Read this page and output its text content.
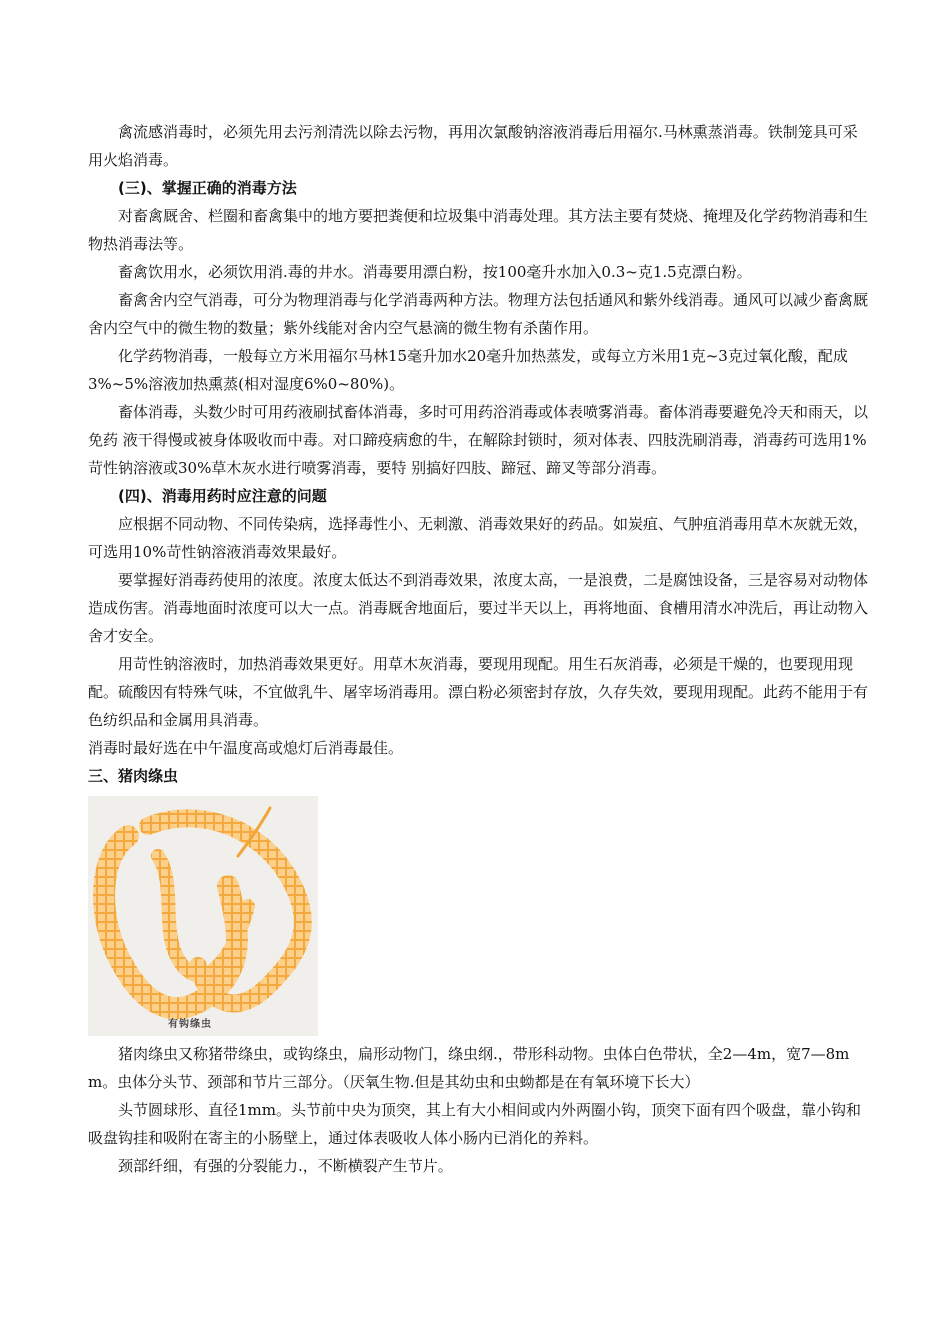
禽流感消毒时，必须先用去污剂清洗以除去污物，再用次氯酸钠溶液消毒后用福尔.马林熏蒸消毒。铁制笼具可采用火焰消毒。

(三)、掌握正确的消毒方法

对畜禽厩舍、栏圈和畜禽集中的地方要把粪便和垃圾集中消毒处理。其方法主要有焚烧、掩埋及化学药物消毒和生物热消毒法等。

畜禽饮用水，必须饮用消.毒的井水。消毒要用漂白粉，按100毫升水加入0.3~克1.5克漂白粉。

畜禽舍内空气消毒，可分为物理消毒与化学消毒两种方法。物理方法包括通风和紫外线消毒。通风可以减少畜禽厩舍内空气中的微生物的数量；紫外线能对舍内空气悬滴的微生物有杀菌作用。

化学药物消毒，一般每立方米用福尔马林15毫升加水20毫升加热蒸发，或每立方米用1克~3克过氧化酸，配成3%~5%溶液加热熏蒸(相对湿度6%0~80%)。

畜体消毒，头数少时可用药液刷拭畜体消毒，多时可用药浴消毒或体表喷雾消毒。畜体消毒要避免冷天和雨天，以免药 液干得慢或被身体吸收而中毒。对口蹄疫病愈的牛，在解除封锁时，须对体表、四肢洗刷消毒，消毒药可选用1%苛性钠溶液或30%草木灰水进行喷雾消毒，要特 别搞好四肢、蹄冠、蹄叉等部分消毒。

(四)、消毒用药时应注意的问题

应根据不同动物、不同传染病，选择毒性小、无刺激、消毒效果好的药品。如炭疽、气肿疽消毒用草木灰就无效，可选用10%苛性钠溶液消毒效果最好。

要掌握好消毒药使用的浓度。浓度太低达不到消毒效果，浓度太高，一是浪费，二是腐蚀设备，三是容易对动物体造成伤害。消毒地面时浓度可以大一点。消毒厩舍地面后，要过半天以上，再将地面、食槽用清水冲洗后，再让动物入舍才安全。

用苛性钠溶液时，加热消毒效果更好。用草木灰消毒，要现用现配。用生石灰消毒，必须是干燥的，也要现用现配。硫酸因有特殊气味，不宜做乳牛、屠宰场消毒用。漂白粉必须密封存放，久存失效，要现用现配。此药不能用于有色纺织品和金属用具消毒。

消毒时最好选在中午温度高或熄灯后消毒最佳。

三、猪肉绦虫

有钩绦虫

猪肉绦虫又称猪带绦虫，或钩绦虫，扁形动物门，绦虫纲.，带形科动物。虫体白色带状，全2—4m，宽7—8mm。虫体分头节、颈部和节片三部分。（厌氧生物.但是其幼虫和虫蚴都是在有氧环境下长大）

头节圆球形、直径1mm。头节前中央为顶突，其上有大小相间或内外两圈小钩，顶突下面有四个吸盘，靠小钩和吸盘钩挂和吸附在寄主的小肠壁上，通过体表吸收人体小肠内已消化的养料。

颈部纤细，有强的分裂能力.，不断横裂产生节片。
